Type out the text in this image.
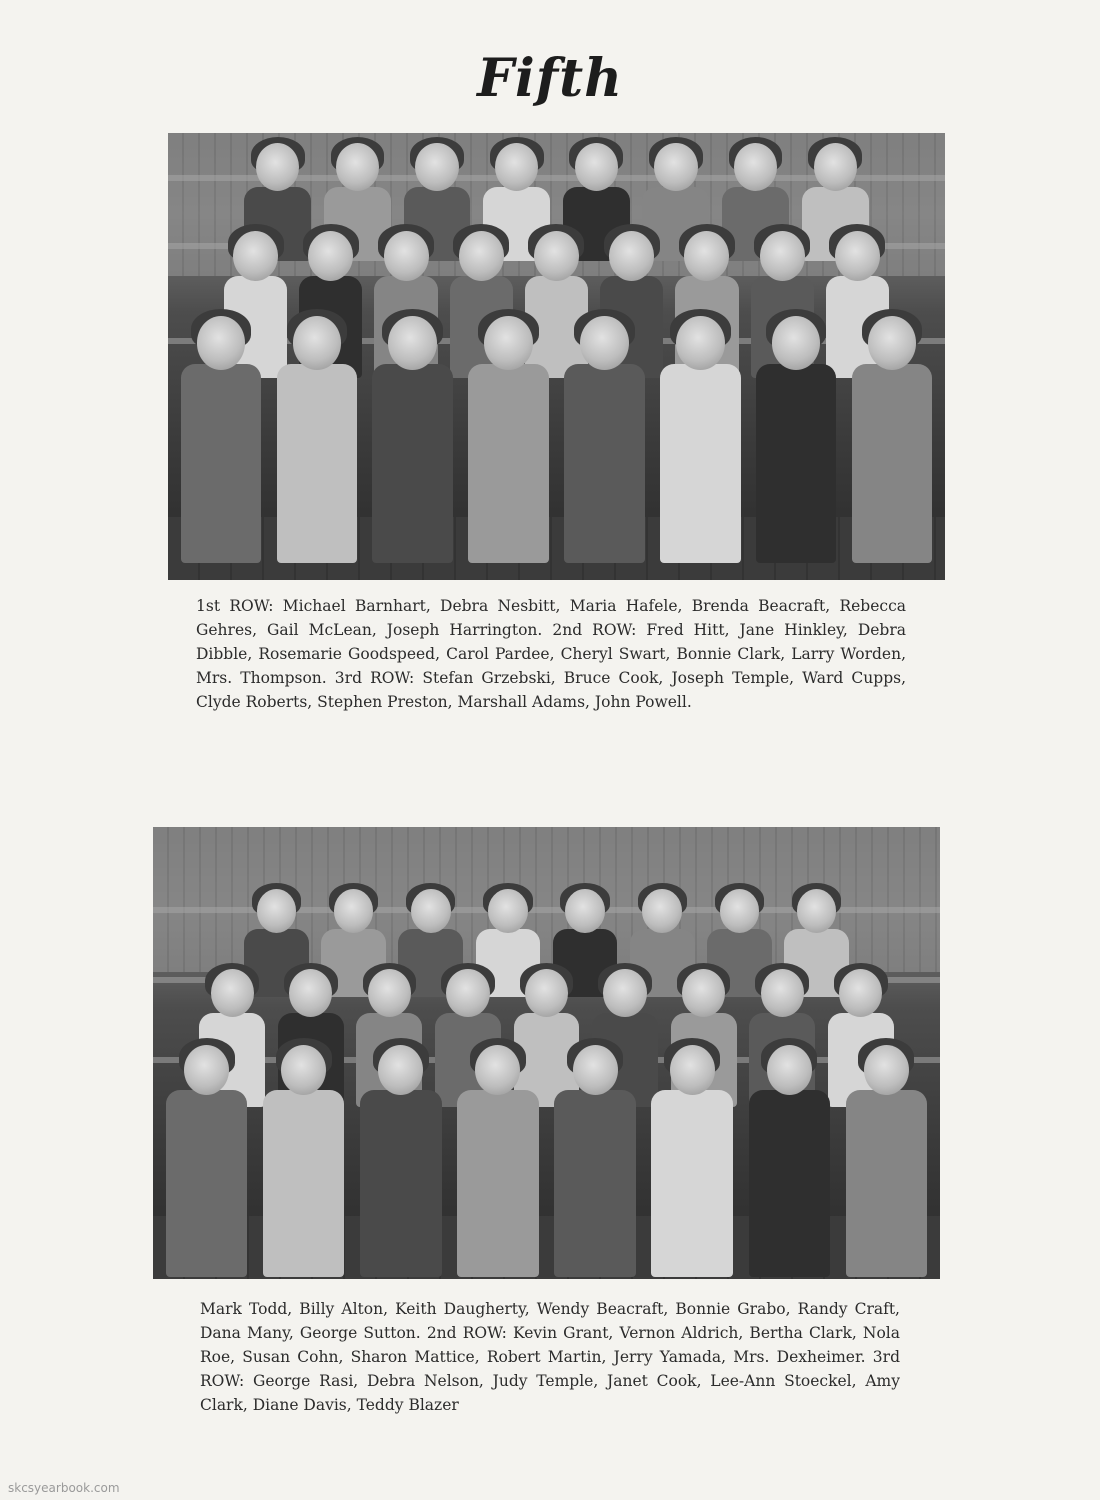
Fifth
1st ROW: Michael Barnhart, Debra Nesbitt, Maria Hafele, Brenda Beacraft, Rebecca Gehres, Gail McLean, Joseph Harrington. 2nd ROW: Fred Hitt, Jane Hinkley, Debra Dibble, Rosemarie Goodspeed, Carol Pardee, Cheryl Swart, Bonnie Clark, Larry Worden, Mrs. Thompson. 3rd ROW: Stefan Grzebski, Bruce Cook, Joseph Temple, Ward Cupps, Clyde Roberts, Stephen Preston, Marshall Adams, John Powell.
Mark Todd, Billy Alton, Keith Daugherty, Wendy Beacraft, Bonnie Grabo, Randy Craft, Dana Many, George Sutton. 2nd ROW: Kevin Grant, Vernon Aldrich, Bertha Clark, Nola Roe, Susan Cohn, Sharon Mattice, Robert Martin, Jerry Yamada, Mrs. Dexheimer. 3rd ROW: George Rasi, Debra Nelson, Judy Temple, Janet Cook, Lee-Ann Stoeckel, Amy Clark, Diane Davis, Teddy Blazer
skcsyearbook.com
